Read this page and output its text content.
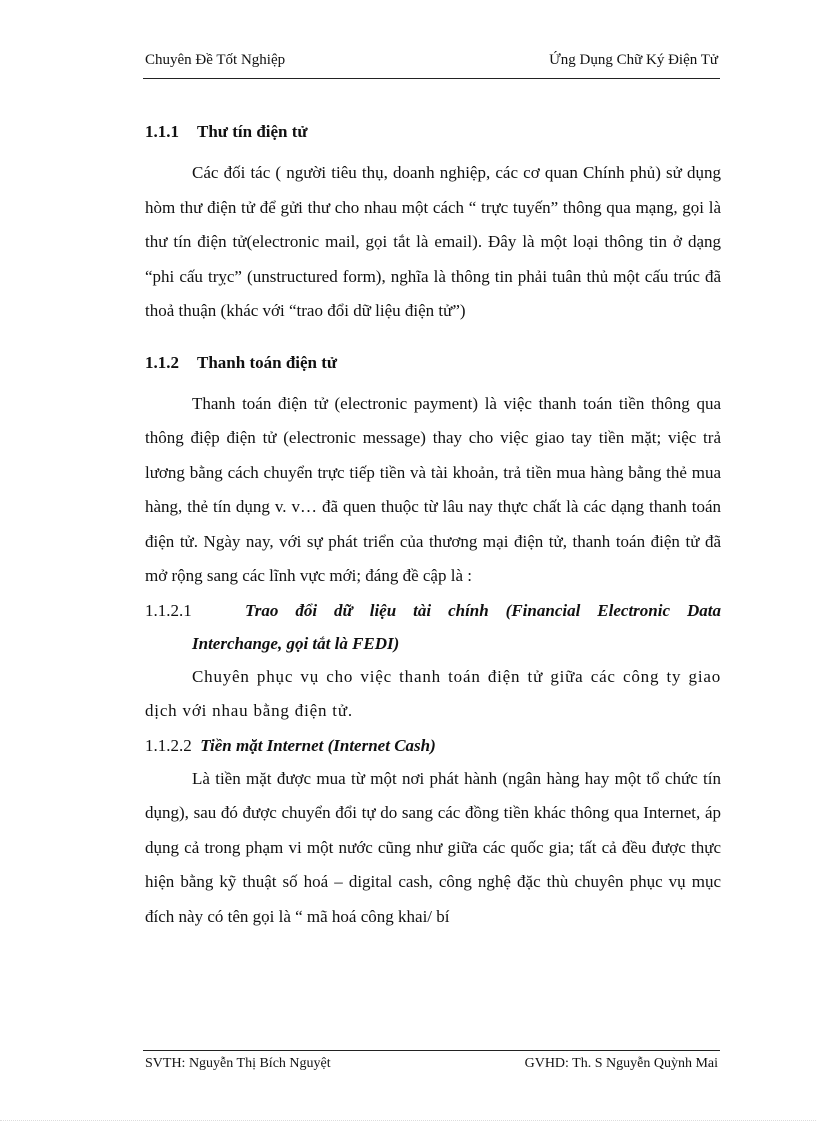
Chuyên Đề Tốt Nghiệp	Ứng Dụng Chữ Ký Điện Tử

1.1.1 Thư tín điện tử

Các đối tác ( người tiêu thụ, doanh nghiệp, các cơ quan Chính phủ) sử dụng hòm thư điện tử để gửi thư cho nhau một cách “ trực tuyến” thông qua mạng, gọi là thư tín điện tử(electronic mail, gọi tắt là email). Đây là một loại thông tin ở dạng “phi cấu trỵc” (unstructured form), nghĩa là thông tin phải tuân thủ một cấu trúc đã thoả thuận (khác với “trao đổi dữ liệu điện tử”)

1.1.2 Thanh toán điện tử

Thanh toán điện tử (electronic payment) là việc thanh toán tiền thông qua thông điệp điện tử (electronic message) thay cho việc giao tay tiền mặt; việc trả lương bằng cách chuyển trực tiếp tiền và tài khoản, trả tiền mua hàng bằng thẻ mua hàng, thẻ tín dụng v. v… đã quen thuộc từ lâu nay thực chất là các dạng thanh toán điện tử. Ngày nay, với sự phát triển của thương mại điện tử, thanh toán điện tử đã mở rộng sang các lĩnh vực mới; đáng đề cập là :

1.1.2.1	Trao đổi dữ liệu tài chính (Financial Electronic Data
Interchange, gọi tắt là FEDI)

Chuyên phục vụ cho việc thanh toán điện tử giữa các công ty giao dịch với nhau bằng điện tử.

1.1.2.2 Tiền mặt Internet (Internet Cash)

Là tiền mặt được mua từ một nơi phát hành (ngân hàng hay một tổ chức tín dụng), sau đó được chuyển đổi tự do sang các đồng tiền khác thông qua Internet, áp dụng cả trong phạm vi một nước cũng như giữa các quốc gia; tất cả đều được thực hiện bằng kỹ thuật số hoá – digital cash, công nghệ đặc thù chuyên phục vụ mục đích này có tên gọi là “ mã hoá công khai/ bí

SVTH: Nguyễn Thị Bích Nguyệt	GVHD: Th. S Nguyễn Quỳnh Mai
